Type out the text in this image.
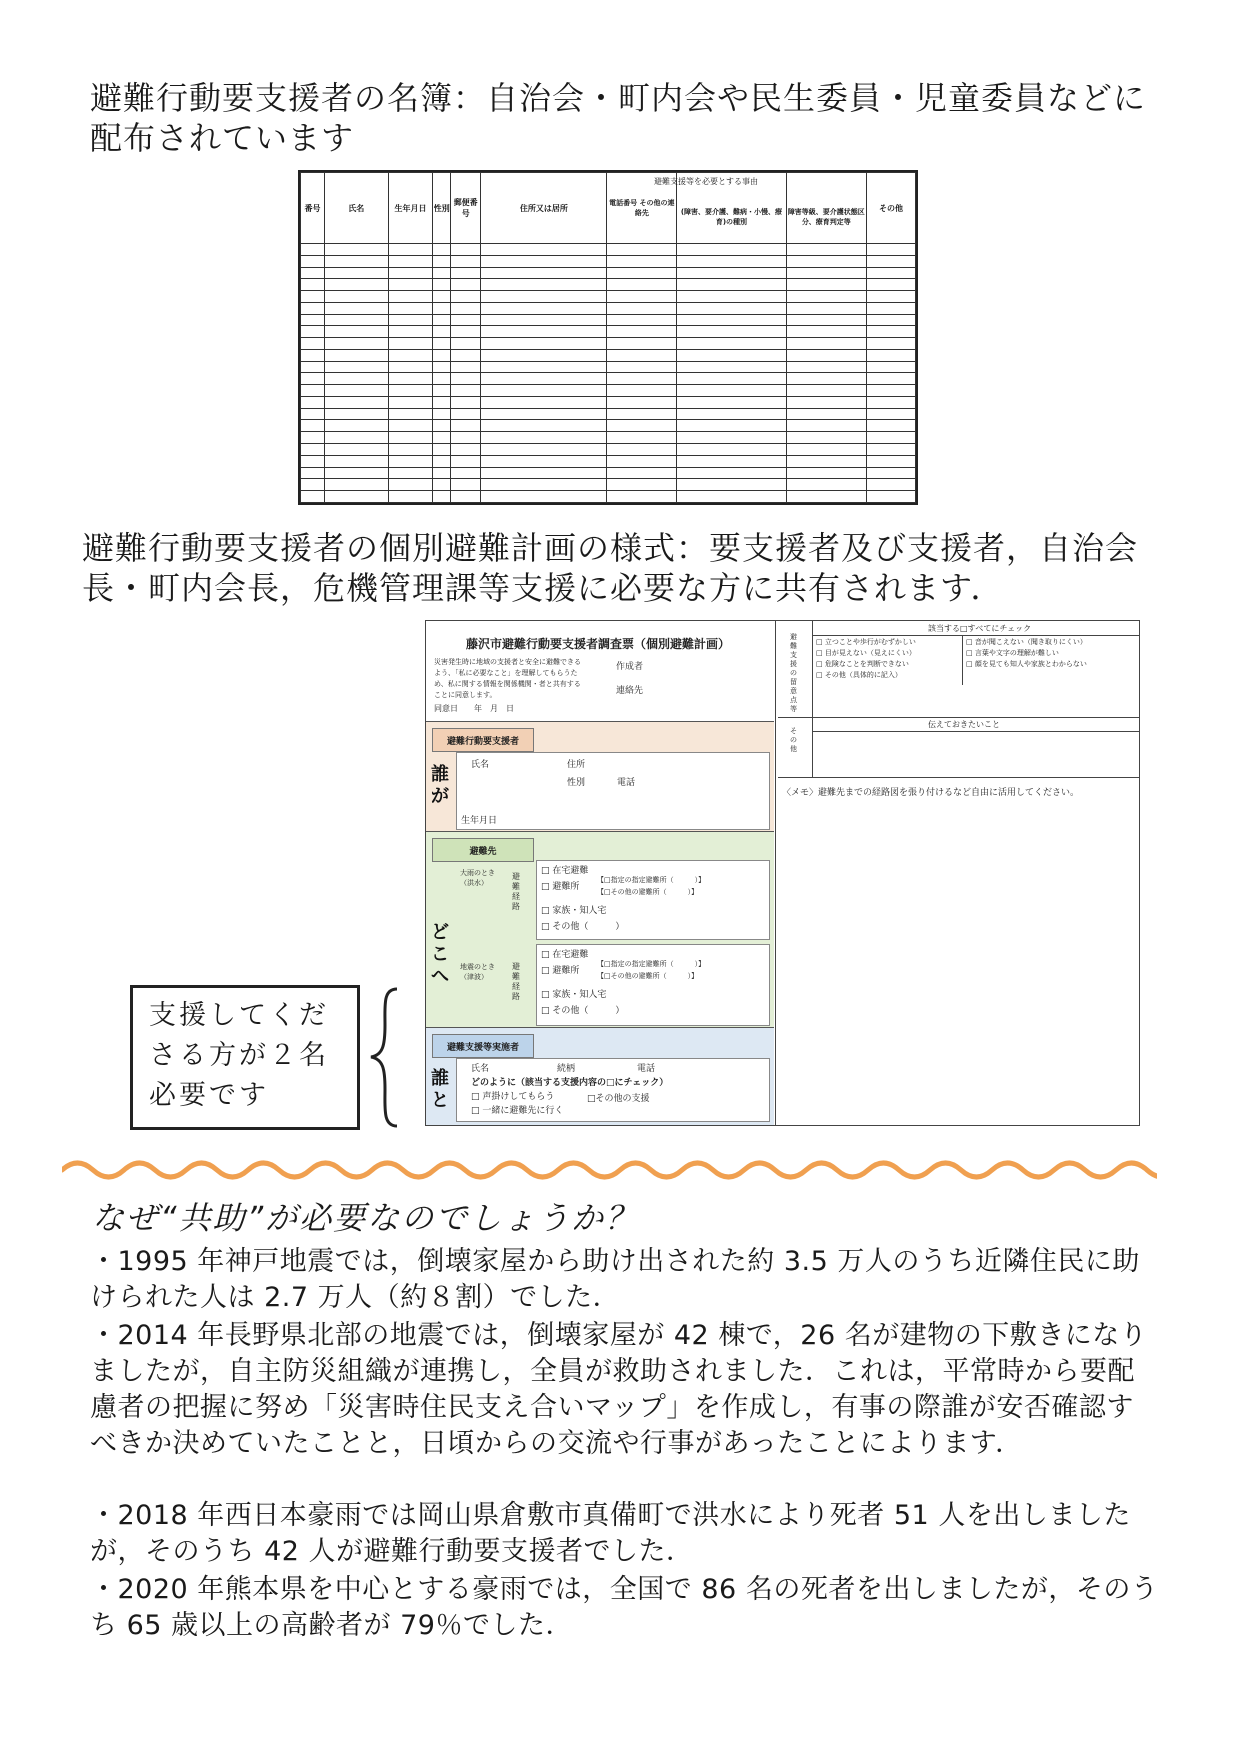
避難行動要支援者の名簿：自治会・町内会や民生委員・児童委員などに配布されています
番号	氏名	生年月日	性別	郵便番号	住所又は居所	電話番号 その他の連絡先	(障害、要介護、難病・小慢、療育)の種別	障害等級、要介護状態区分、療育判定等	その他

避難支援等を必要とする事由
避難行動要支援者の個別避難計画の様式：要支援者及び支援者，自治会長・町内会長，危機管理課等支援に必要な方に共有されます．
藤沢市避難行動要支援者調査票（個別避難計画）
災害発生時に地域の支援者と安全に避難できるよう、「私に必要なこと」を理解してもらうため、私に関する情報を関係機関・者と共有することに同意します。
作成者
連絡先
同意日　　年　月　日
避難行動要支援者
誰が
氏名
性別	電話
生年月日
住所
避難先
どこへ
大雨のとき（洪水）
地震のとき（津波）
避難経路
避難経路
□ 在宅避難
□ 避難所
【□指定の指定避難所（　　　）】
【□その他の避難所（　　　）】
□ 家族・知人宅
□ その他（　　　）
□ 在宅避難
□ 避難所
【□指定の指定避難所（　　　）】
【□その他の避難所（　　　）】
□ 家族・知人宅
□ その他（　　　）
避難支援等実施者
誰と
氏名	続柄	電話
どのように（該当する支援内容の□にチェック）
□ 声掛けしてもらう
□ 一緒に避難先に行く
□その他の支援
避難支援の留意点等
該当する□すべてにチェック
□ 立つことや歩行がむずかしい
□ 目が見えない（見えにくい）
□ 危険なことを判断できない
□ その他（具体的に記入）
□ 音が聞こえない（聞き取りにくい）
□ 言葉や文字の理解が難しい
□ 顔を見ても知人や家族とわからない
その他
伝えておきたいこと
〈メモ〉避難先までの経路図を張り付けるなど自由に活用してください。
支援してくださる方が２名必要です
なぜ“共助”が必要なのでしょうか？
・1995 年神戸地震では，倒壊家屋から助け出された約 3.5 万人のうち近隣住民に助けられた人は 2.7 万人（約８割）でした．
・2014 年長野県北部の地震では，倒壊家屋が 42 棟で，26 名が建物の下敷きになりましたが，自主防災組織が連携し，全員が救助されました．これは，平常時から要配慮者の把握に努め「災害時住民支え合いマップ」を作成し，有事の際誰が安否確認すべきか決めていたことと，日頃からの交流や行事があったことによります．
・2018 年西日本豪雨では岡山県倉敷市真備町で洪水により死者 51 人を出しましたが，そのうち 42 人が避難行動要支援者でした．
・2020 年熊本県を中心とする豪雨では，全国で 86 名の死者を出しましたが，そのうち 65 歳以上の高齢者が 79％でした．
